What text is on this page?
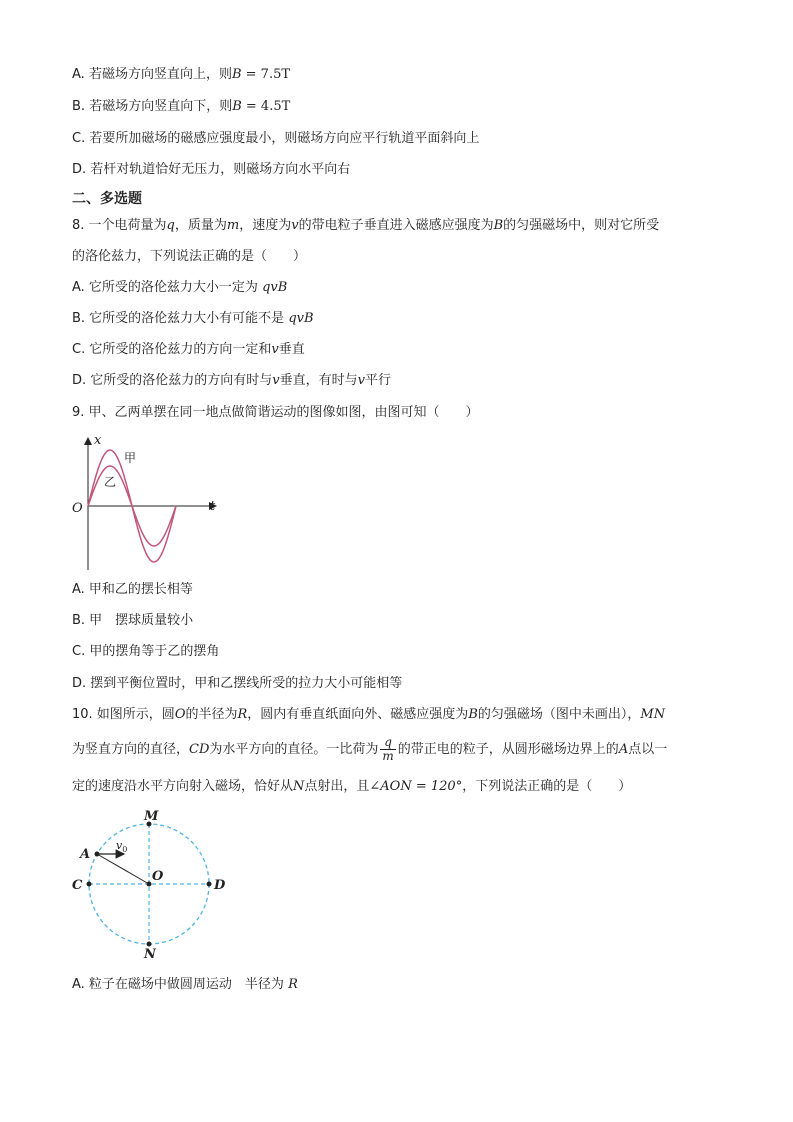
A. 若磁场方向竖直向上，则B = 7.5T
B. 若磁场方向竖直向下，则B = 4.5T
C. 若要所加磁场的磁感应强度最小，则磁场方向应平行轨道平面斜向上
D. 若杆对轨道恰好无压力，则磁场方向水平向右
二、多选题
8. 一个电荷量为q，质量为m，速度为v的带电粒子垂直进入磁感应强度为B的匀强磁场中，则对它所受
的洛伦兹力，下列说法正确的是（　　）
A. 它所受的洛伦兹力大小一定为 qvB
B. 它所受的洛伦兹力大小有可能不是 qvB
C. 它所受的洛伦兹力的方向一定和v垂直
D. 它所受的洛伦兹力的方向有时与v垂直，有时与v平行
9. 甲、乙两单摆在同一地点做简谐运动的图像如图，由图可知（　　）
x
t
O
甲
乙
A. 甲和乙的摆长相等
B. 甲　摆球质量较小
C. 甲的摆角等于乙的摆角
D. 摆到平衡位置时，甲和乙摆线所受的拉力大小可能相等
10. 如图所示，圆O的半径为R，圆内有垂直纸面向外、磁感应强度为B的匀强磁场（图中未画出），MN
为竖直方向的直径，CD为水平方向的直径。一比荷为 $\frac{q}{m}$ 的带正电的粒子，从圆形磁场边界上的A点以一
定的速度沿水平方向射入磁场，恰好从N点射出，且∠AON = 120°，下列说法正确的是（　　）
M
N
C	D
O
A
$v_0$
A. 粒子在磁场中做圆周运动　半径为 R
